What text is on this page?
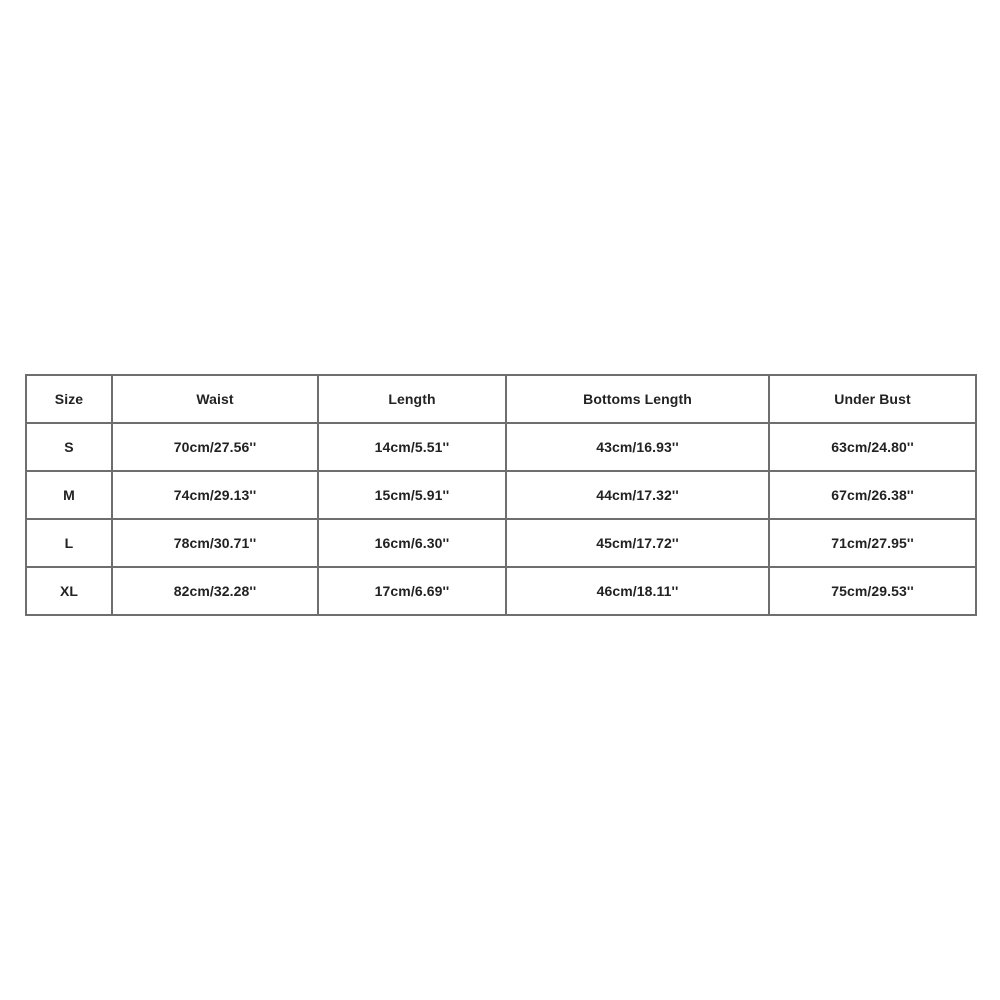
Size	Waist	Length	Bottoms Length	Under Bust
S	70cm/27.56''	14cm/5.51''	43cm/16.93''	63cm/24.80''
M	74cm/29.13''	15cm/5.91''	44cm/17.32''	67cm/26.38''
L	78cm/30.71''	16cm/6.30''	45cm/17.72''	71cm/27.95''
XL	82cm/32.28''	17cm/6.69''	46cm/18.11''	75cm/29.53''
